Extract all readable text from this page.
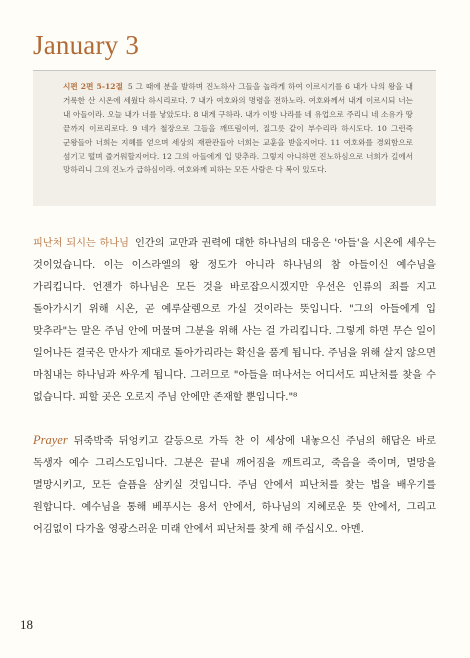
January 3
시편 2편 5-12절 5 그 때에 분을 발하며 진노하사 그들을 놀라게 하여 이르시기를 6 내가 나의 왕을 내 거룩한 산 시온에 세웠다 하시리로다. 7 내가 여호와의 명령을 전하노라. 여호와께서 내게 이르시되 너는 내 아들이라. 오늘 내가 너를 낳았도다. 8 내게 구하라. 내가 이방 나라를 네 유업으로 주리니 네 소유가 땅 끝까지 이르리로다. 9 네가 철장으로 그들을 깨뜨림이여, 질그릇 같이 부수리라 하시도다. 10 그런즉 군왕들아 너희는 지혜를 얻으며 세상의 재판관들아 너희는 교훈을 받을지어다. 11 여호와를 경외함으로 섬기고 떨며 즐거워할지어다. 12 그의 아들에게 입 맞추라. 그렇지 아니하면 진노하심으로 너희가 길에서 망하리니 그의 진노가 급하심이라. 여호와께 피하는 모든 사람은 다 복이 있도다.
피난처 되시는 하나님 인간의 교만과 권력에 대한 하나님의 대응은 '아들'을 시온에 세우는 것이었습니다. 이는 이스라엘의 왕 정도가 아니라 하나님의 참 아들이신 예수님을 가리킵니다. 언젠가 하나님은 모든 것을 바로잡으시겠지만 우선은 인류의 죄를 지고 돌아가시기 위해 시온, 곧 예루살렘으로 가실 것이라는 뜻입니다. "그의 아들에게 입 맞추라"는 말은 주님 안에 머물며 그분을 위해 사는 걸 가리킵니다. 그렇게 하면 무슨 일이 일어나든 결국은 만사가 제대로 돌아가리라는 확신을 품게 됩니다. 주님을 위해 살지 않으면 마침내는 하나님과 싸우게 됩니다. 그러므로 "아들을 떠나서는 어디서도 피난처를 찾을 수 없습니다. 피할 곳은 오로지 주님 안에만 존재할 뿐입니다."⁸
Prayer 뒤죽박죽 뒤엉키고 갈등으로 가득 찬 이 세상에 내놓으신 주님의 해답은 바로 독생자 예수 그리스도입니다. 그분은 끝내 깨어짐을 깨트리고, 죽음을 죽이며, 멸망을 멸망시키고, 모든 슬픔을 삼키실 것입니다. 주님 안에서 피난처를 찾는 법을 배우기를 원합니다. 예수님을 통해 베푸시는 용서 안에서, 하나님의 지혜로운 뜻 안에서, 그리고 어김없이 다가올 영광스러운 미래 안에서 피난처를 찾게 해 주십시오. 아멘.
18
